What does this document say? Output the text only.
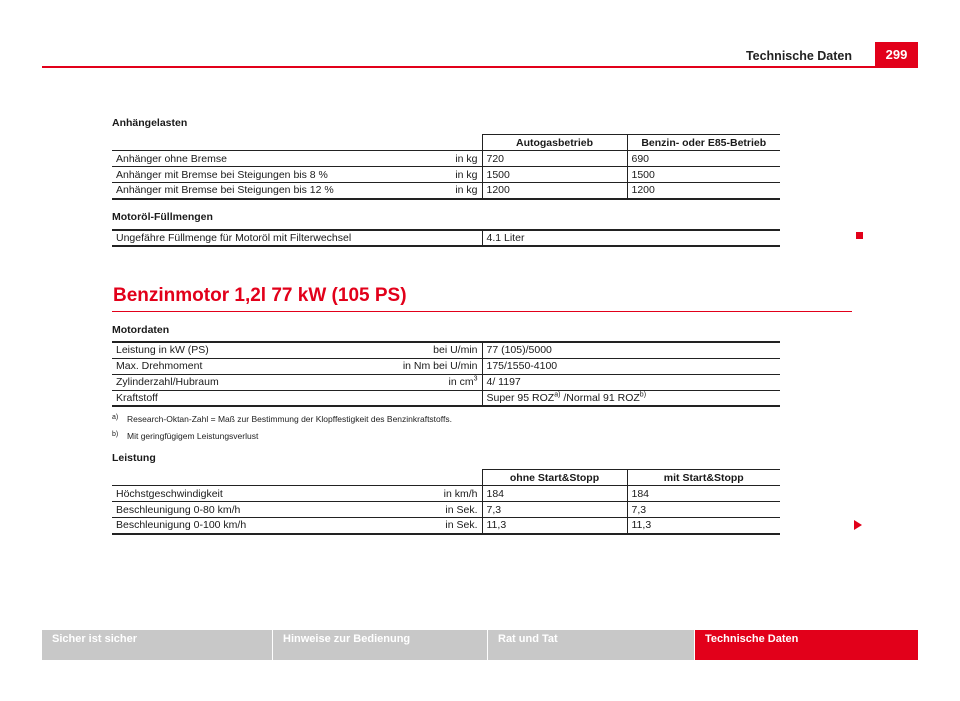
Technische Daten	299
Anhängelasten
	Autogasbetrieb	Benzin- oder E85-Betrieb

Anhänger ohne Bremse in kg	720	690

Anhänger mit Bremse bei Steigungen bis 8 % in kg	1500	1500

Anhänger mit Bremse bei Steigungen bis 12 % in kg	1200	1200
Motoröl-Füllmengen
Ungefähre Füllmenge für Motoröl mit Filterwechsel	4.1 Liter
Benzinmotor 1,2l 77 kW (105 PS)
Motordaten
Leistung in kW (PS) bei U/min	77 (105)/5000

Max. Drehmoment in Nm bei U/min	175/1550-4100

Zylinderzahl/Hubraum in $cm^3$	4/ 1197

Kraftstoff	Super 95 ROZ$^{a)}$ /Normal 91 ROZ$^{b)}$
a) Research-Oktan-Zahl = Maß zur Bestimmung der Klopffestigkeit des Benzinkraftstoffs.
b) Mit geringfügigem Leistungsverlust
Leistung
	ohne Start&Stopp	mit Start&Stopp

Höchstgeschwindigkeit in km/h	184	184

Beschleunigung 0-80 km/h in Sek.	7,3	7,3

Beschleunigung 0-100 km/h in Sek.	11,3	11,3
Sicher ist sicher	Hinweise zur Bedienung	Rat und Tat	Technische Daten
